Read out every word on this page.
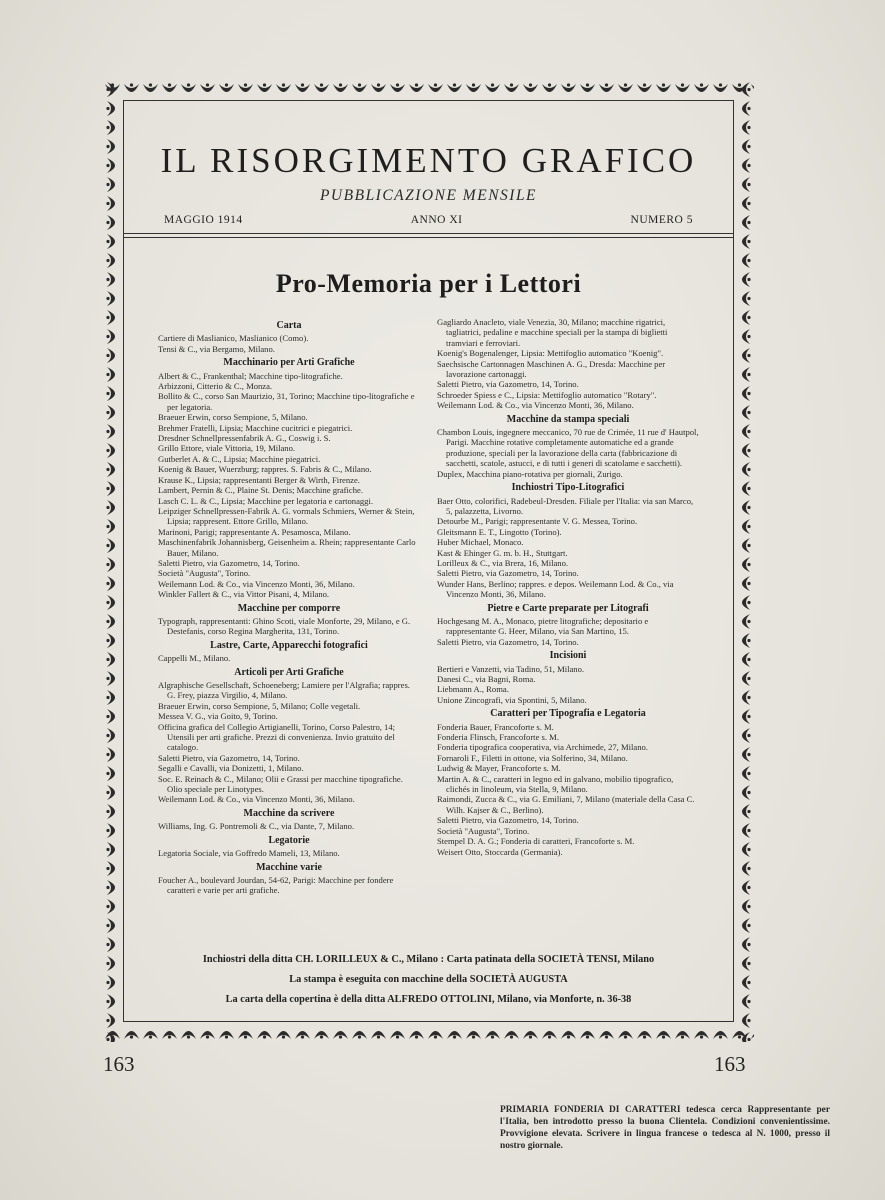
IL RISORGIMENTO GRAFICO
PUBBLICAZIONE MENSILE
MAGGIO 1914	ANNO XI	NUMERO 5
Pro-Memoria per i Lettori
Carta
Cartiere di Maslianico, Maslianico (Como).
Tensi & C., via Bergamo, Milano.
Macchinario per Arti Grafiche
Albert & C., Frankenthal; Macchine tipo-litografiche.
Arbizzoni, Citterio & C., Monza.
Bollito & C., corso San Maurizio, 31, Torino; Macchine tipo-litografiche e per legatoria.
Braeuer Erwin, corso Sempione, 5, Milano.
Brehmer Fratelli, Lipsia; Macchine cucitrici e piegatrici.
Dresdner Schnellpressenfabrik A. G., Coswig i. S.
Grillo Ettore, viale Vittoria, 19, Milano.
Gutberlet A. & C., Lipsia; Macchine piegatrici.
Koenig & Bauer, Wuerzburg; rappres. S. Fabris & C., Milano.
Krause K., Lipsia; rappresentanti Berger & Wirth, Firenze.
Lambert, Pernin & C., Plaine St. Denis; Macchine grafiche.
Lasch C. L. & C., Lipsia; Macchine per legatoria e cartonaggi.
Leipziger Schnellpressen-Fabrik A. G. vormals Schmiers, Werner & Stein, Lipsia; rappresent. Ettore Grillo, Milano.
Marinoni, Parigi; rappresentante A. Pesamosca, Milano.
Maschinenfabrik Johannisberg, Geisenheim a. Rhein; rappresentante Carlo Bauer, Milano.
Saletti Pietro, via Gazometro, 14, Torino.
Società "Augusta", Torino.
Weilemann Lod. & Co., via Vincenzo Monti, 36, Milano.
Winkler Fallert & C., via Vittor Pisani, 4, Milano.
Macchine per comporre
Typograph, rappresentanti: Ghino Scoti, viale Monforte, 29, Milano, e G. Destefanis, corso Regina Margherita, 131, Torino.
Lastre, Carte, Apparecchi fotografici
Cappelli M., Milano.
Articoli per Arti Grafiche
Algraphische Gesellschaft, Schoeneberg; Lamiere per l'Algrafia; rappres. G. Frey, piazza Virgilio, 4, Milano.
Braeuer Erwin, corso Sempione, 5, Milano; Colle vegetali.
Messea V. G., via Goito, 9, Torino.
Officina grafica del Collegio Artigianelli, Torino, Corso Palestro, 14; Utensili per arti grafiche. Prezzi di convenienza. Invio gratuito del catalogo.
Saletti Pietro, via Gazometro, 14, Torino.
Segalli e Cavalli, via Donizetti, 1, Milano.
Soc. E. Reinach & C., Milano; Olii e Grassi per macchine tipografiche. Olio speciale per Linotypes.
Weilemann Lod. & Co., via Vincenzo Monti, 36, Milano.
Macchine da scrivere
Williams, Ing. G. Pontremoli & C., via Dante, 7, Milano.
Legatorie
Legatoria Sociale, via Goffredo Mameli, 13, Milano.
Macchine varie
Foucher A., boulevard Jourdan, 54-62, Parigi: Macchine per fondere caratteri e varie per arti grafiche.
Gagliardo Anacleto, viale Venezia, 30, Milano; macchine rigatrici, tagliatrici, pedaline e macchine speciali per la stampa di biglietti tramviari e ferroviari.
Koenig's Bogenalenger, Lipsia: Mettifoglio automatico "Koenig".
Saechsische Cartonnagen Maschinen A. G., Dresda: Macchine per lavorazione cartonaggi.
Saletti Pietro, via Gazometro, 14, Torino.
Schroeder Spiess e C., Lipsia: Mettifoglio automatico "Rotary".
Weilemann Lod. & Co., via Vincenzo Monti, 36, Milano.
Macchine da stampa speciali
Chambon Louis, ingegnere meccanico, 70 rue de Crimée, 11 rue d' Hautpol, Parigi. Macchine rotative completamente automatiche ed a grande produzione, speciali per la lavorazione della carta (fabbricazione di sacchetti, scatole, astucci, e di tutti i generi di scatolame e sacchetti).
Duplex, Macchina piano-rotativa per giornali, Zurigo.
Inchiostri Tipo-Litografici
Baer Otto, colorifici, Radebeul-Dresden. Filiale per l'Italia: via san Marco, 5, palazzetta, Livorno.
Detourbe M., Parigi; rappresentante V. G. Messea, Torino.
Gleitsmann E. T., Lingotto (Torino).
Huber Michael, Monaco.
Kast & Ehinger G. m. b. H., Stuttgart.
Lorilleux & C., via Brera, 16, Milano.
Saletti Pietro, via Gazometro, 14, Torino.
Wunder Hans, Berlino; rappres. e depos. Weilemann Lod. & Co., via Vincenzo Monti, 36, Milano.
Pietre e Carte preparate per Litografi
Hochgesang M. A., Monaco, pietre litografiche; depositario e rappresentante G. Heer, Milano, via San Martino, 15.
Saletti Pietro, via Gazometro, 14, Torino.
Incisioni
Bertieri e Vanzetti, via Tadino, 51, Milano.
Danesi C., via Bagni, Roma.
Liebmann A., Roma.
Unione Zincografi, via Spontini, 5, Milano.
Caratteri per Tipografia e Legatoria
Fonderia Bauer, Francoforte s. M.
Fonderia Flinsch, Francoforte s. M.
Fonderia tipografica cooperativa, via Archimede, 27, Milano.
Fornaroli F., Filetti in ottone, via Solferino, 34, Milano.
Ludwig & Mayer, Francoforte s. M.
Martin A. & C., caratteri in legno ed in galvano, mobilio tipografico, clichés in linoleum, via Stella, 9, Milano.
Raimondi, Zucca & C., via G. Emiliani, 7, Milano (materiale della Casa C. Wilh. Kajser & C., Berlino).
Saletti Pietro, via Gazometro, 14, Torino.
Società "Augusta", Torino.
Stempel D. A. G.; Fonderia di caratteri, Francoforte s. M.
Weisert Otto, Stoccarda (Germania).
Inchiostri della ditta CH. LORILLEUX & C., Milano : Carta patinata della SOCIETÀ TENSI, Milano
La stampa è eseguita con macchine della SOCIETÀ AUGUSTA
La carta della copertina è della ditta ALFREDO OTTOLINI, Milano, via Monforte, n. 36-38
163	163
PRIMARIA FONDERIA DI CARATTERI tedesca cerca Rappresentante per l'Italia, ben introdotto presso la buona Clientela. Condizioni convenientissime. Provvigione elevata. Scrivere in lingua francese o tedesca al N. 1000, presso il nostro giornale.
